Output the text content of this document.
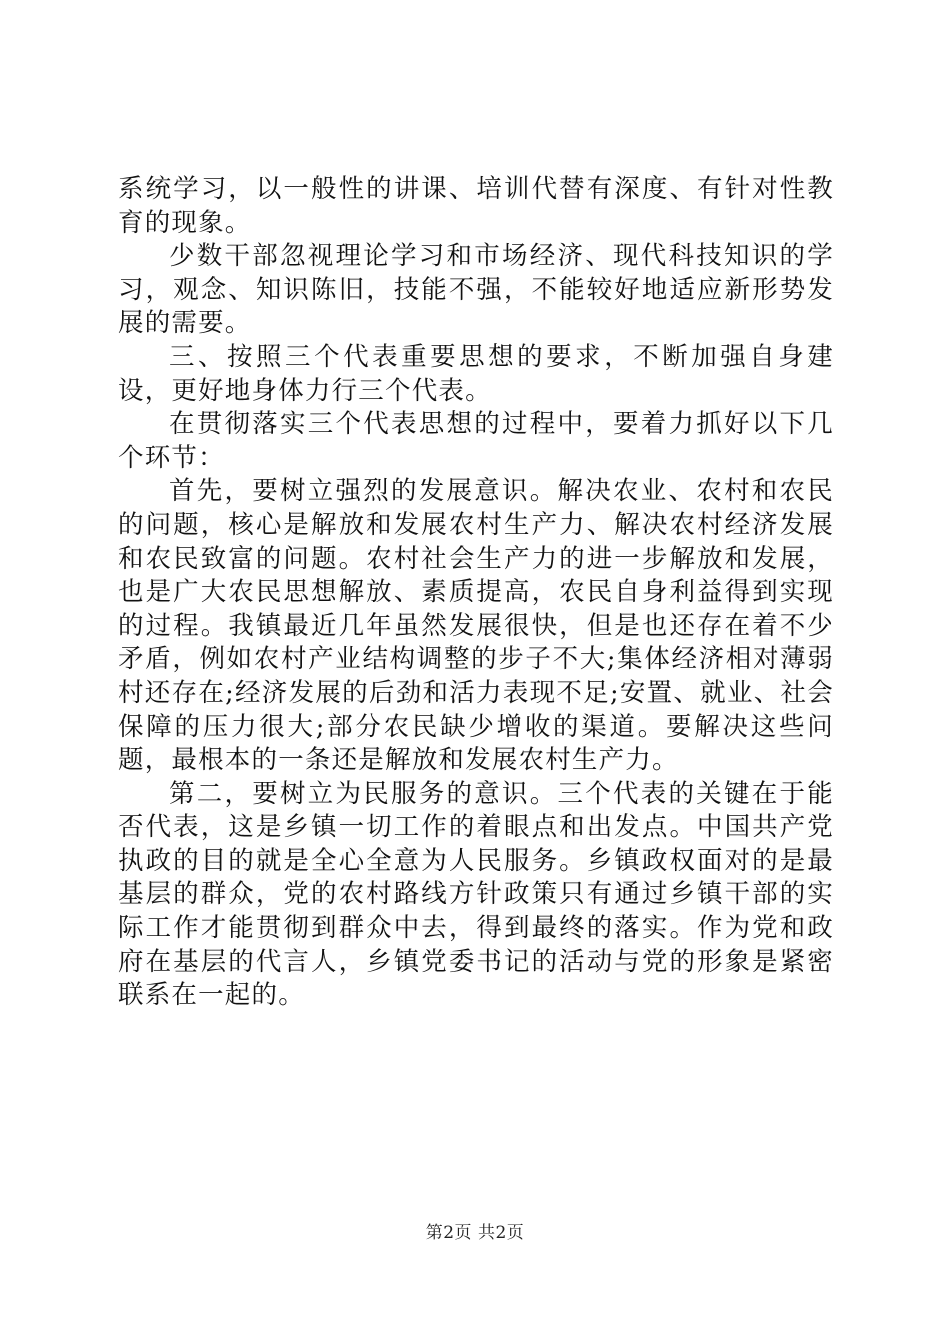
系统学习，以一般性的讲课、培训代替有深度、有针对性教育的现象。

少数干部忽视理论学习和市场经济、现代科技知识的学习，观念、知识陈旧，技能不强，不能较好地适应新形势发展的需要。

三、按照三个代表重要思想的要求，不断加强自身建设，更好地身体力行三个代表。

在贯彻落实三个代表思想的过程中，要着力抓好以下几个环节：

首先，要树立强烈的发展意识。解决农业、农村和农民的问题，核心是解放和发展农村生产力、解决农村经济发展和农民致富的问题。农村社会生产力的进一步解放和发展，也是广大农民思想解放、素质提高，农民自身利益得到实现的过程。我镇最近几年虽然发展很快，但是也还存在着不少矛盾，例如农村产业结构调整的步子不大;集体经济相对薄弱村还存在;经济发展的后劲和活力表现不足;安置、就业、社会保障的压力很大;部分农民缺少增收的渠道。要解决这些问题，最根本的一条还是解放和发展农村生产力。

第二，要树立为民服务的意识。三个代表的关键在于能否代表，这是乡镇一切工作的着眼点和出发点。中国共产党执政的目的就是全心全意为人民服务。乡镇政权面对的是最基层的群众，党的农村路线方针政策只有通过乡镇干部的实际工作才能贯彻到群众中去，得到最终的落实。作为党和政府在基层的代言人，乡镇党委书记的活动与党的形象是紧密联系在一起的。

第2页 共2页
